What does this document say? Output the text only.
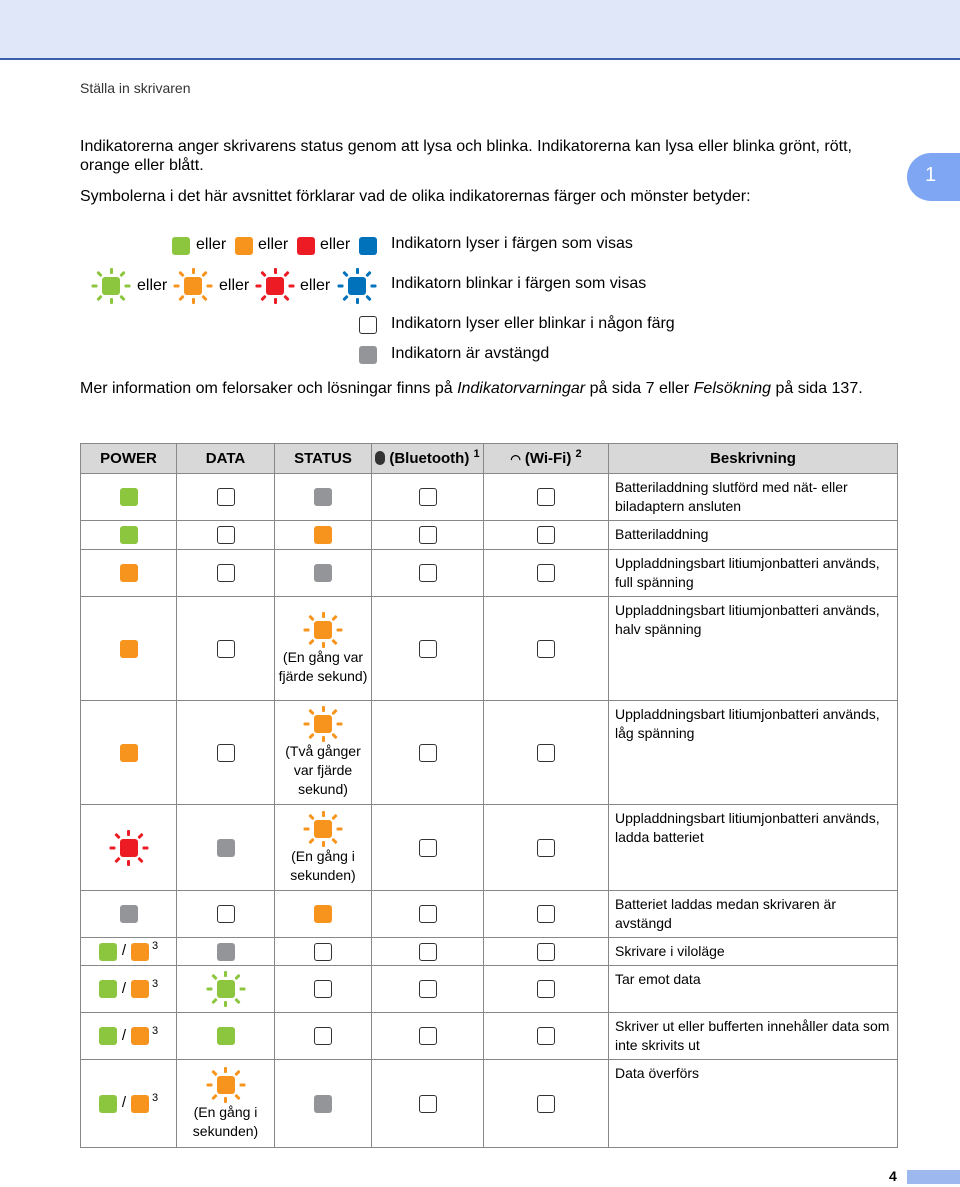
Ställa in skrivaren
1
Indikatorerna anger skrivarens status genom att lysa och blinka. Indikatorerna kan lysa eller blinka grönt, rött, orange eller blått.
Symbolerna i det här avsnittet förklarar vad de olika indikatorernas färger och mönster betyder:
eller eller eller	Indikatorn lyser i färgen som visas
eller	eller	eller	Indikatorn blinkar i färgen som visas
Indikatorn lyser eller blinkar i någon färg
Indikatorn är avstängd
Mer information om felorsaker och lösningar finns på Indikatorvarningar på sida 7 eller Felsökning på sida 137.
POWER	DATA	STATUS	(Bluetooth) $^1$	◠ (Wi-Fi) $^2$	Beskrivning
					Batteriladdning slutförd med nät- eller biladaptern ansluten
					Batteriladdning
					Uppladdningsbart litiumjonbatteri används, full spänning

		(En gång var fjärde sekund)			Uppladdningsbart litiumjonbatteri används, halv spänning

		(Två gånger var fjärde sekund)			Uppladdningsbart litiumjonbatteri används, låg spänning

		(En gång i sekunden)			Uppladdningsbart litiumjonbatteri används, ladda batteriet
					Batteriet laddas medan skrivaren är avstängd
/ $^3$					Skrivare i viloläge
/ $^3$					Tar emot data
/ $^3$					Skriver ut eller bufferten innehåller data som inte skrivits ut
/ $^3$	(En gång i sekunden)				Data överförs
4
